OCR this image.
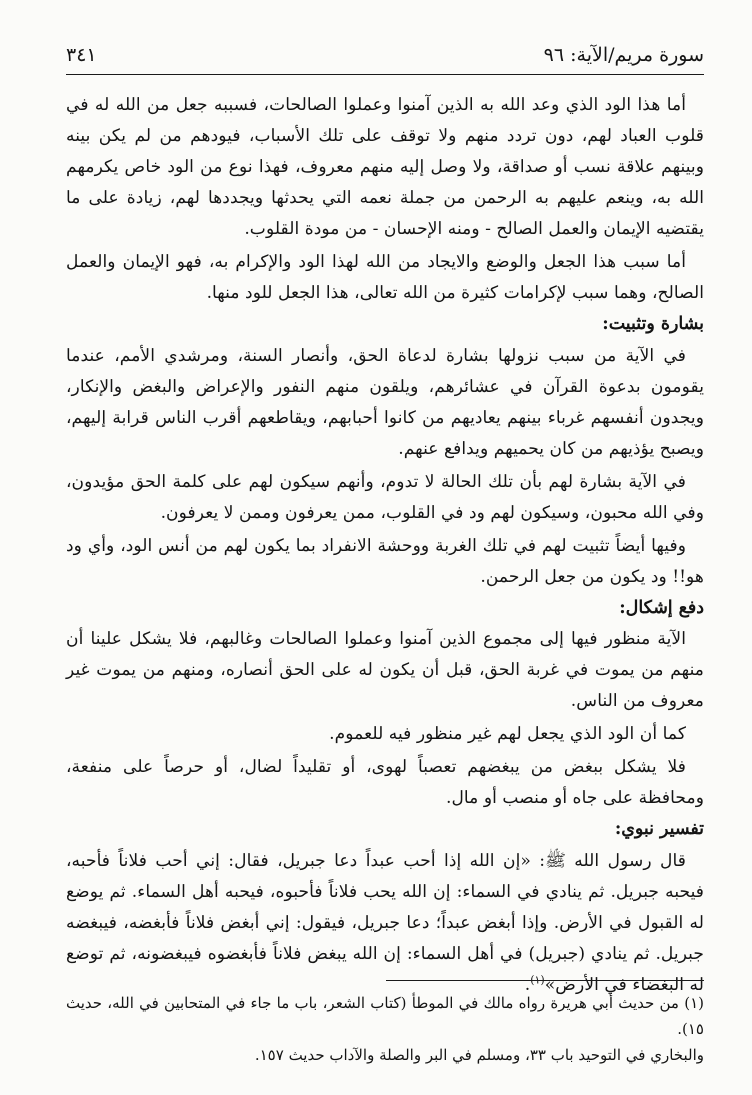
سورة مريم/الآية: ٩٦
٣٤١

أما هذا الود الذي وعد الله به الذين آمنوا وعملوا الصالحات، فسببه جعل من الله له في قلوب العباد لهم، دون تردد منهم ولا توقف على تلك الأسباب، فيودهم من لم يكن بينه وبينهم علاقة نسب أو صداقة، ولا وصل إليه منهم معروف، فهذا نوع من الود خاص يكرمهم الله به، وينعم عليهم به الرحمن من جملة نعمه التي يحدثها ويجددها لهم، زيادة على ما يقتضيه الإيمان والعمل الصالح - ومنه الإحسان - من مودة القلوب.

أما سبب هذا الجعل والوضع والايجاد من الله لهذا الود والإكرام به، فهو الإيمان والعمل الصالح، وهما سبب لإكرامات كثيرة من الله تعالى، هذا الجعل للود منها.

بشارة وتثبيت:

في الآية من سبب نزولها بشارة لدعاة الحق، وأنصار السنة، ومرشدي الأمم، عندما يقومون بدعوة القرآن في عشائرهم، ويلقون منهم النفور والإعراض والبغض والإنكار، ويجدون أنفسهم غرباء بينهم يعاديهم من كانوا أحبابهم، ويقاطعهم أقرب الناس قرابة إليهم، ويصبح يؤذيهم من كان يحميهم ويدافع عنهم.

في الآية بشارة لهم بأن تلك الحالة لا تدوم، وأنهم سيكون لهم على كلمة الحق مؤيدون، وفي الله محبون، وسيكون لهم ود في القلوب، ممن يعرفون وممن لا يعرفون.

وفيها أيضاً تثبيت لهم في تلك الغربة ووحشة الانفراد بما يكون لهم من أنس الود، وأي ود هو!! ود يكون من جعل الرحمن.

دفع إشكال:

الآية منظور فيها إلى مجموع الذين آمنوا وعملوا الصالحات وغالبهم، فلا يشكل علينا أن منهم من يموت في غربة الحق، قبل أن يكون له على الحق أنصاره، ومنهم من يموت غير معروف من الناس.

كما أن الود الذي يجعل لهم غير منظور فيه للعموم.

فلا يشكل ببغض من يبغضهم تعصباً لهوى، أو تقليداً لضال، أو حرصاً على منفعة، ومحافظة على جاه أو منصب أو مال.

تفسير نبوي:

قال رسول الله ﷺ: «إن الله إذا أحب عبداً دعا جبريل، فقال: إني أحب فلاناً فأحبه، فيحبه جبريل. ثم ينادي في السماء: إن الله يحب فلاناً فأحبوه، فيحبه أهل السماء. ثم يوضع له القبول في الأرض. وإذا أبغض عبداً؛ دعا جبريل، فيقول: إني أبغض فلاناً فأبغضه، فيبغضه جبريل. ثم ينادي (جبريل) في أهل السماء: إن الله يبغض فلاناً فأبغضوه فيبغضونه، ثم توضع له البغضاء في الأرض»$^{(١)}$.

(١) من حديث أبي هريرة رواه مالك في الموطأ (كتاب الشعر، باب ما جاء في المتحابين في الله، حديث ١٥).

والبخاري في التوحيد باب ٣٣، ومسلم في البر والصلة والآداب حديث ١٥٧.
